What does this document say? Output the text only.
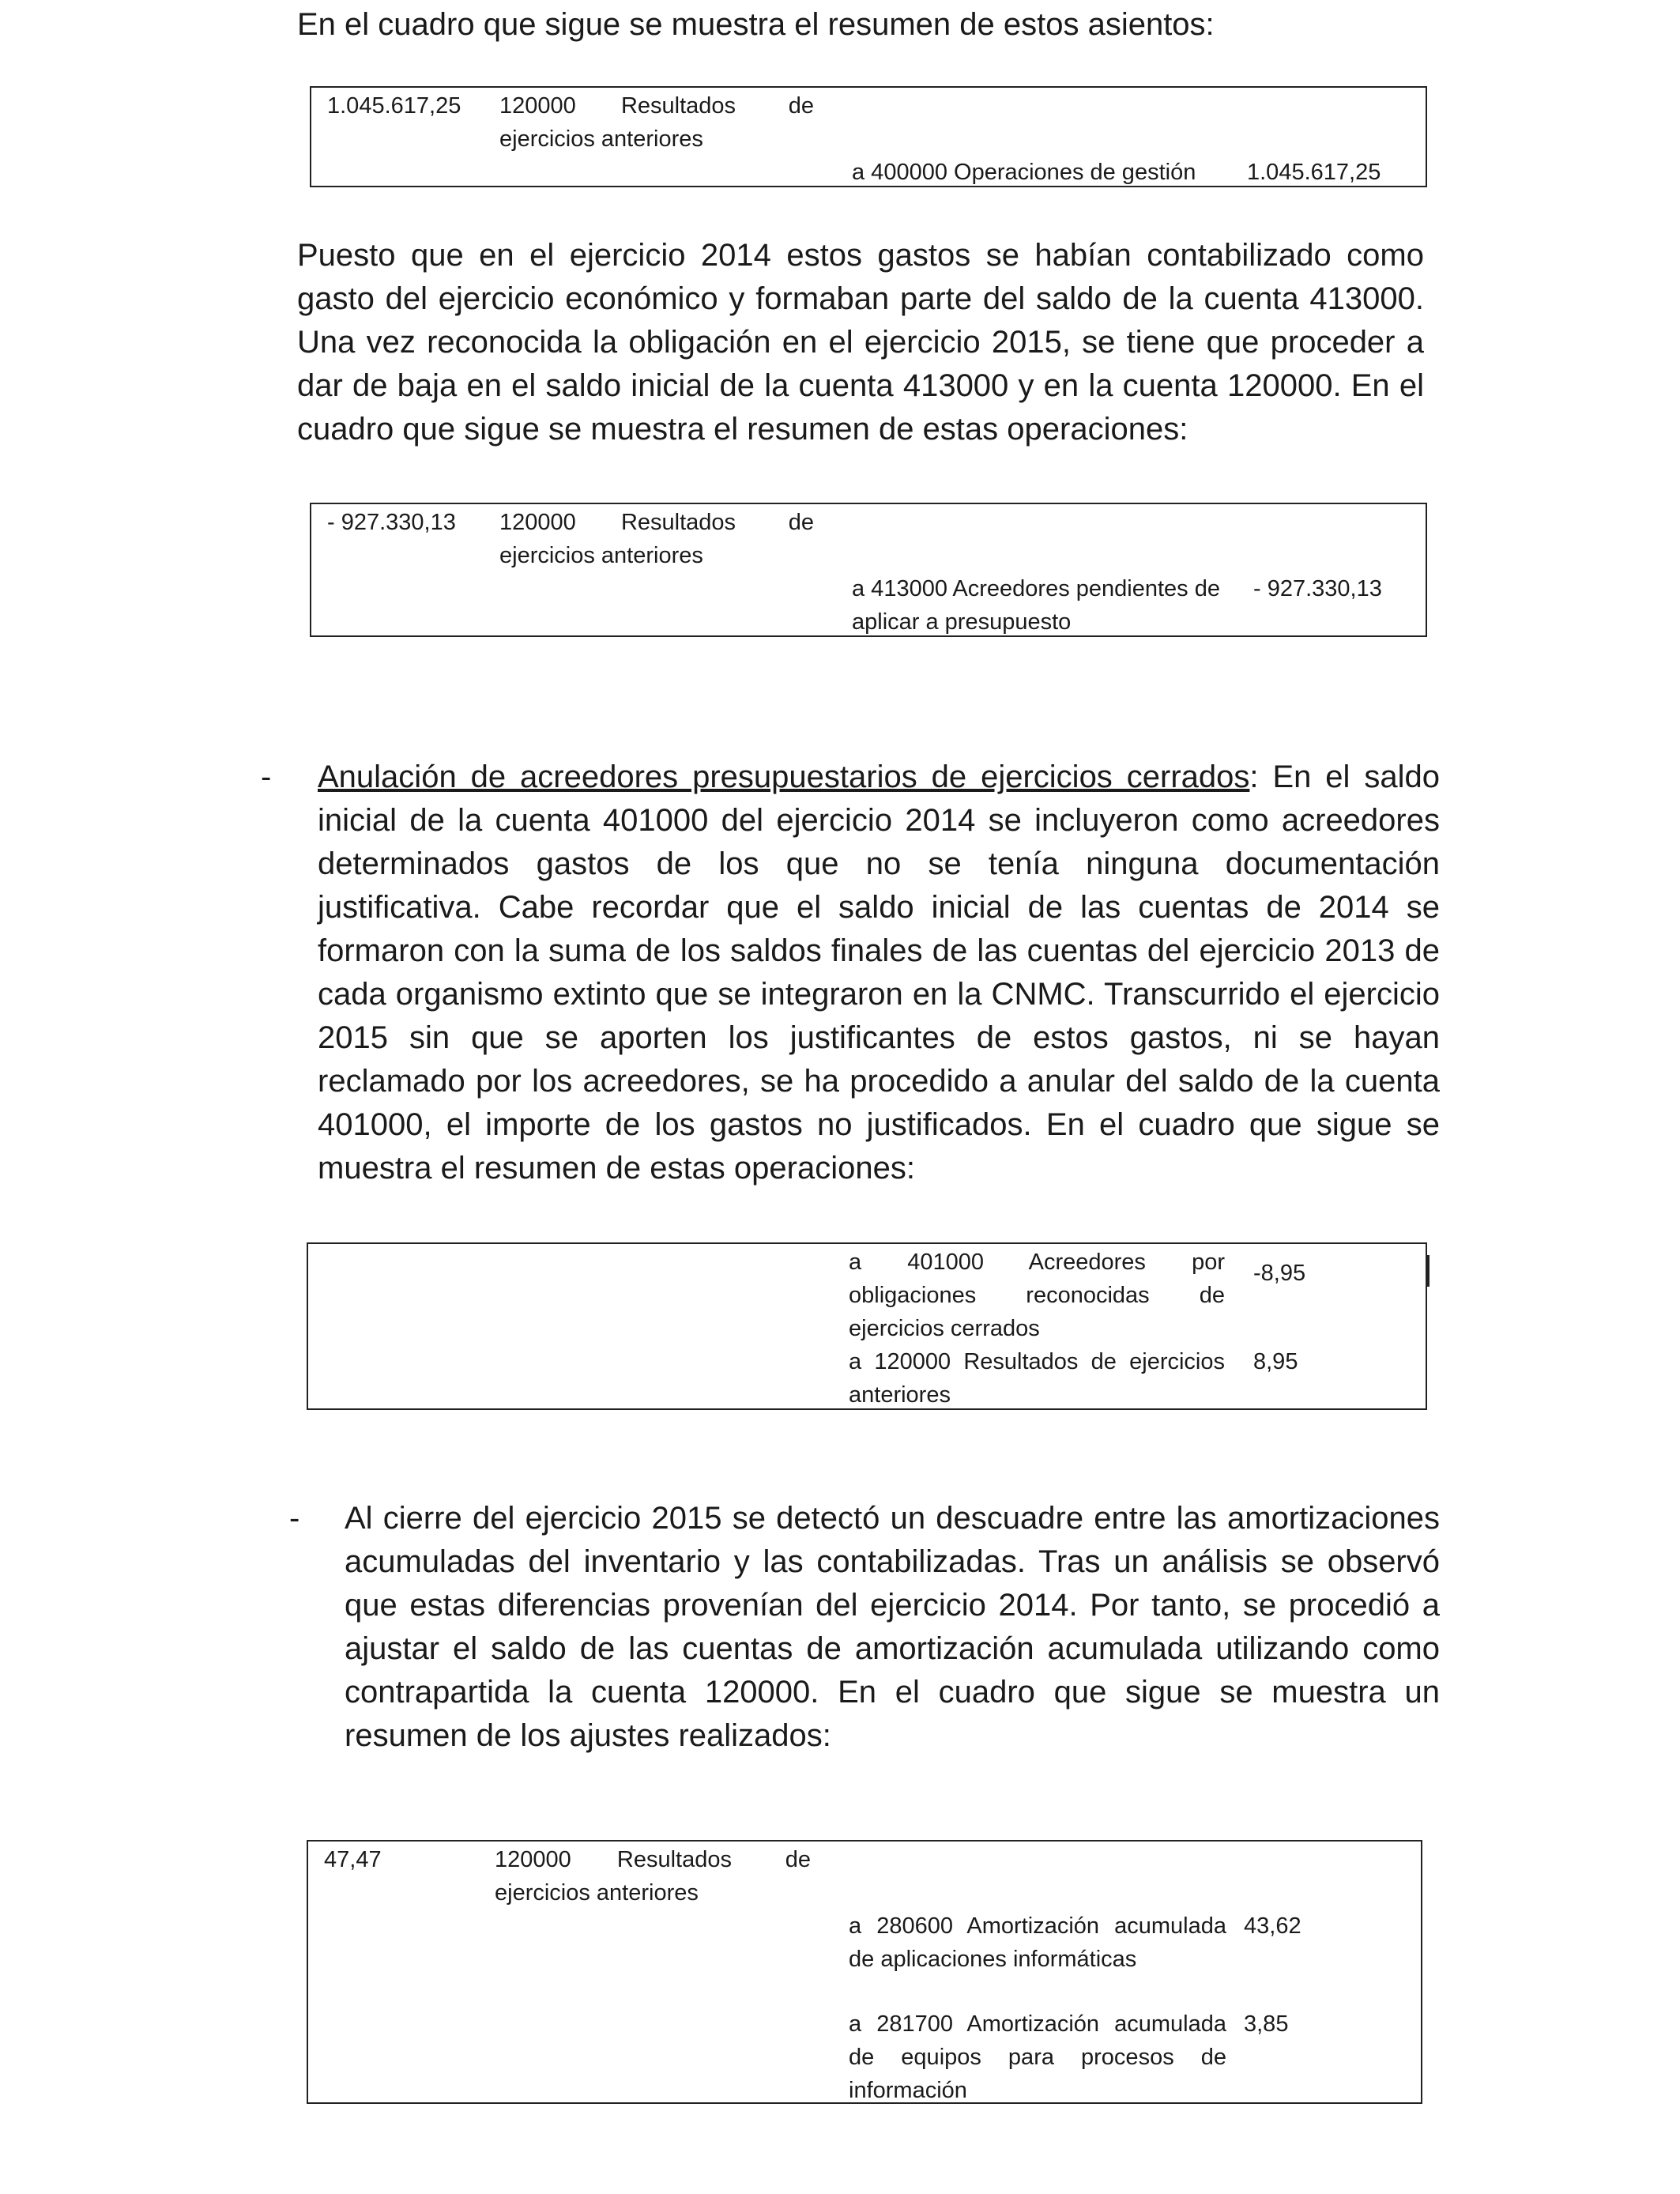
En el cuadro que sigue se muestra el resumen de estos asientos:

1.045.617,25 120000      Resultados       de

ejercicios anteriores

a 400000 Operaciones de gestión 1.045.617,25

Puesto que en el ejercicio 2014 estos gastos se habían contabilizado como gasto del ejercicio económico y formaban parte del saldo de la cuenta 413000. Una vez reconocida la obligación en el ejercicio 2015, se tiene que proceder a dar de baja en el saldo inicial de la cuenta 413000 y en la cuenta 120000. En el cuadro que sigue se muestra el resumen de estas operaciones:

- 927.330,13 120000      Resultados       de

ejercicios anteriores

a 413000 Acreedores pendientes de aplicar a presupuesto

- 927.330,13

- Anulación de acreedores presupuestarios de ejercicios cerrados: En el saldo inicial de la cuenta 401000 del ejercicio 2014 se incluyeron como acreedores determinados gastos de los que no se tenía ninguna documentación justificativa. Cabe recordar que el saldo inicial de las cuentas de 2014 se formaron con la suma de los saldos finales de las cuentas del ejercicio 2013 de cada organismo extinto que se integraron en la CNMC. Transcurrido el ejercicio 2015 sin que se aporten los justificantes de estos gastos, ni se hayan reclamado por los acreedores, se ha procedido a anular del saldo de la cuenta 401000, el importe de los gastos no justificados. En el cuadro que sigue se muestra el resumen de estas operaciones:

a 401000 Acreedores por obligaciones reconocidas de ejercicios cerrados

-8,95

a 120000 Resultados de ejercicios anteriores

8,95

- Al cierre del ejercicio 2015 se detectó un descuadre entre las amortizaciones acumuladas del inventario y las contabilizadas. Tras un análisis se observó que estas diferencias provenían del ejercicio 2014. Por tanto, se procedió a ajustar el saldo de las cuentas de amortización acumulada utilizando como contrapartida la cuenta 120000. En el cuadro que sigue se muestra un resumen de los ajustes realizados:

47,47	120000      Resultados       de

ejercicios anteriores

a 280600 Amortización acumulada de aplicaciones informáticas

43,62

a 281700 Amortización acumulada de equipos para procesos de información

3,85
